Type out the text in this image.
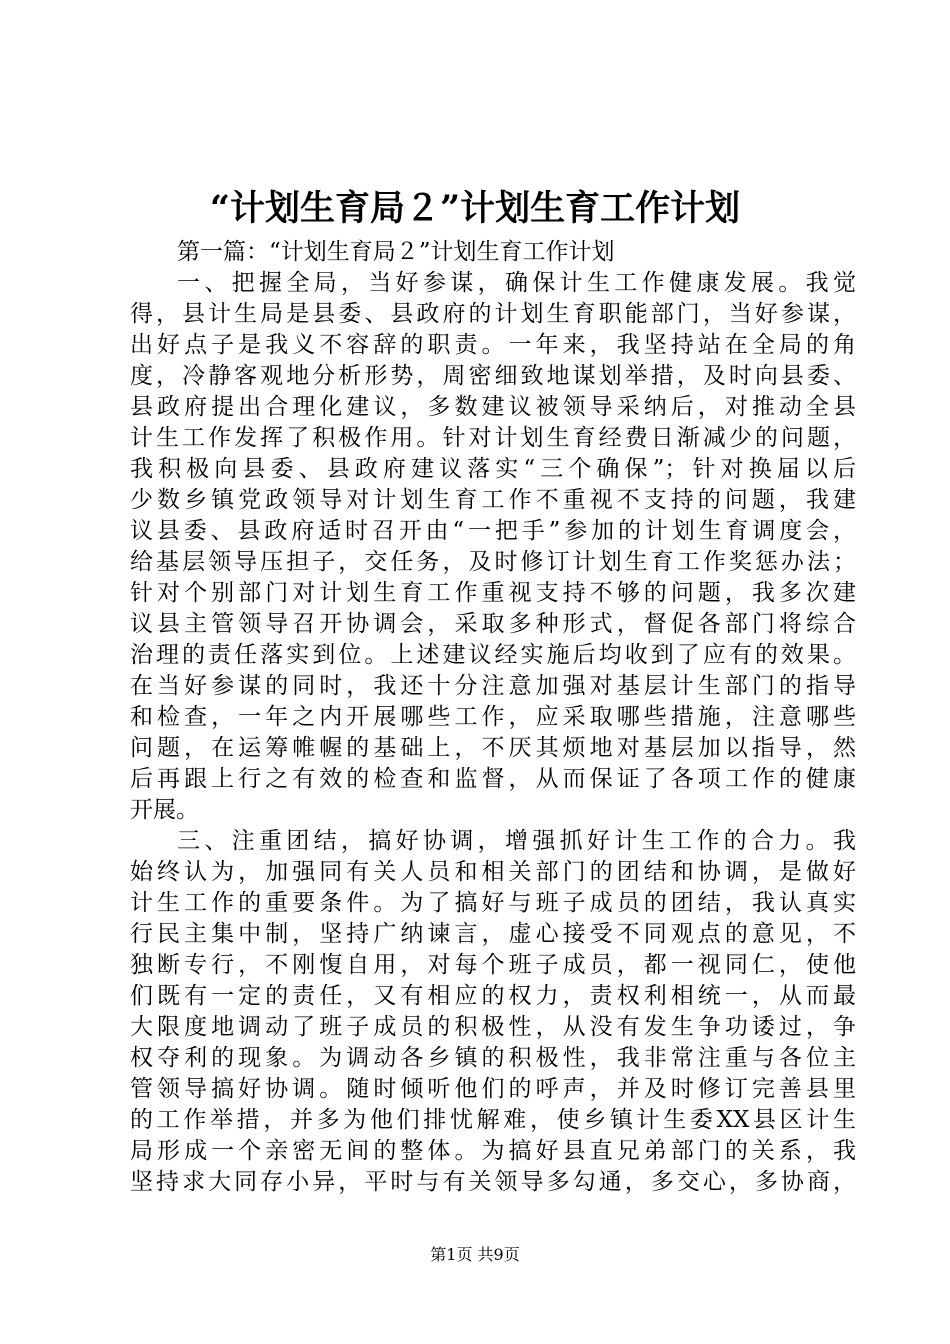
“计划生育局２”计划生育工作计划
第一篇：“计划生育局２”计划生育工作计划
一、把握全局，当好参谋，确保计生工作健康发展。我觉
得，县计生局是县委、县政府的计划生育职能部门，当好参谋，
出好点子是我义不容辞的职责。一年来，我坚持站在全局的角
度，冷静客观地分析形势，周密细致地谋划举措，及时向县委、
县政府提出合理化建议，多数建议被领导采纳后，对推动全县
计生工作发挥了积极作用。针对计划生育经费日渐减少的问题，
我积极向县委、县政府建议落实“三个确保”；针对换届以后
少数乡镇党政领导对计划生育工作不重视不支持的问题，我建
议县委、县政府适时召开由“一把手”参加的计划生育调度会，
给基层领导压担子，交任务，及时修订计划生育工作奖惩办法；
针对个别部门对计划生育工作重视支持不够的问题，我多次建
议县主管领导召开协调会，采取多种形式，督促各部门将综合
治理的责任落实到位。上述建议经实施后均收到了应有的效果。
在当好参谋的同时，我还十分注意加强对基层计生部门的指导
和检查，一年之内开展哪些工作，应采取哪些措施，注意哪些
问题，在运筹帷幄的基础上，不厌其烦地对基层加以指导，然
后再跟上行之有效的检查和监督，从而保证了各项工作的健康
开展。
三、注重团结，搞好协调，增强抓好计生工作的合力。我
始终认为，加强同有关人员和相关部门的团结和协调，是做好
计生工作的重要条件。为了搞好与班子成员的团结，我认真实
行民主集中制，坚持广纳谏言，虚心接受不同观点的意见，不
独断专行，不刚愎自用，对每个班子成员，都一视同仁，使他
们既有一定的责任，又有相应的权力，责权利相统一，从而最
大限度地调动了班子成员的积极性，从没有发生争功诿过，争
权夺利的现象。为调动各乡镇的积极性，我非常注重与各位主
管领导搞好协调。随时倾听他们的呼声，并及时修订完善县里
的工作举措，并多为他们排忧解难，使乡镇计生委XX县区计生
局形成一个亲密无间的整体。为搞好县直兄弟部门的关系，我
坚持求大同存小异，平时与有关领导多勾通，多交心，多协商，
第1页 共9页
